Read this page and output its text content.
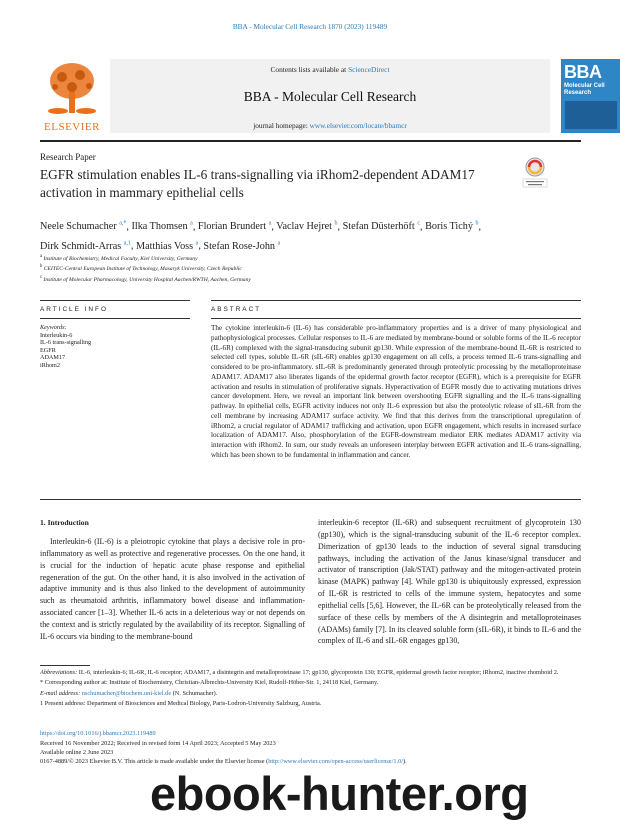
BBA - Molecular Cell Research 1870 (2023) 119489
ELSEVIER
Contents lists available at ScienceDirect
BBA - Molecular Cell Research
journal homepage: www.elsevier.com/locate/bbamcr
BBA
Molecular Cell Research
Research Paper
EGFR stimulation enables IL-6 trans-signalling via iRhom2-dependent ADAM17 activation in mammary epithelial cells
Neele Schumacher $^{a,*}$, Ilka Thomsen $^a$, Florian Brundert $^a$, Vaclav Hejret $^b$, Stefan Düsterhöft $^c$, Boris Tichý $^b$, Dirk Schmidt-Arras $^{a,1}$, Matthias Voss $^a$, Stefan Rose-John $^a$
$^a$ Institute of Biochemistry, Medical Faculty, Kiel University, Germany
$^b$ CEITEC-Central European Institute of Technology, Masaryk University, Czech Republic
$^c$ Institute of Molecular Pharmacology, University Hospital Aachen/RWTH, Aachen, Germany
ARTICLE INFO
Keywords:
Interleukin-6
IL-6 trans-signalling
EGFR
ADAM17
iRhom2
ABSTRACT
The cytokine interleukin-6 (IL-6) has considerable pro-inflammatory properties and is a driver of many physiological and pathophysiological processes. Cellular responses to IL-6 are mediated by membrane-bound or soluble forms of the IL-6 receptor (IL-6R) complexed with the signal-transducing subunit gp130. While expression of the membrane-bound IL-6R is restricted to selected cell types, soluble IL-6R (sIL-6R) enables gp130 engagement on all cells, a process termed IL-6 trans-signalling and considered to be pro-inflammatory. sIL-6R is predominantly generated through proteolytic processing by the metalloproteinase ADAM17. ADAM17 also liberates ligands of the epidermal growth factor receptor (EGFR), which is a prerequisite for EGFR activation and results in stimulation of proliferative signals. Hyperactivation of EGFR mostly due to activating mutations drives cancer development. Here, we reveal an important link between overshooting EGFR signalling and the IL-6 trans-signalling pathway. In epithelial cells, EGFR activity induces not only IL-6 expression but also the proteolytic release of sIL-6R from the cell membrane by increasing ADAM17 surface activity. We find that this derives from the transcriptional upregulation of iRhom2, a crucial regulator of ADAM17 trafficking and activation, upon EGFR engagement, which results in increased surface localization of ADAM17. Also, phosphorylation of the EGFR-downstream mediator ERK mediates ADAM17 activity via interaction with iRhom2. In sum, our study reveals an unforeseen interplay between EGFR activation and IL-6 trans-signalling, which has been shown to be fundamental in inflammation and cancer.
1. Introduction

Interleukin-6 (IL-6) is a pleiotropic cytokine that plays a decisive role in pro-inflammatory as well as protective and regenerative processes. On the one hand, it is crucial for the induction of hepatic acute phase response and epithelial regeneration of the gut. On the other hand, it is also involved in the activation of adaptive immunity and is thus also linked to the development of autoimmunity such as rheumatoid arthritis, inflammatory bowel disease and inflammation-associated cancer [1–3]. Whether IL-6 acts in a deleterious way or not depends on the context and is strictly regulated by the availability of its receptor. Signalling of IL-6 occurs via binding to the membrane-bound

interleukin-6 receptor (IL-6R) and subsequent recruitment of glycoprotein 130 (gp130), which is the signal-transducing subunit of the IL-6 receptor complex. Dimerization of gp130 leads to the induction of several signal transducing pathways, including the activation of the Janus kinase/signal transducer and activator of transcription (Jak/STAT) pathway and the mitogen-activated protein kinase (MAPK) pathway [4]. While gp130 is ubiquitously expressed, expression of IL-6R is restricted to cells of the immune system, hepatocytes and some epithelial cells [5,6]. However, the IL-6R can be proteolytically released from the surface of these cells by members of the A disintegrin and metalloproteinases (ADAMs) family [7]. In its cleaved soluble form (sIL-6R), it binds to IL-6 and the complex of IL-6 and sIL-6R engages gp130,

Abbreviations: IL-6, interleukin-6; IL-6R, IL-6 receptor; ADAM17, a disintegrin and metalloproteinase 17; gp130, glycoprotein 130; EGFR, epidermal growth factor receptor; iRhom2, inactive rhomboid 2.

* Corresponding author at: Institute of Biochemistry, Christian-Albrechts-University Kiel, Rudolf-Höber-Str. 1, 24118 Kiel, Germany.

E-mail address: nschumacher@biochem.uni-kiel.de (N. Schumacher).

1 Present address: Department of Biosciences and Medical Biology, Paris-Lodron-University Salzburg, Austria.

https://doi.org/10.1016/j.bbamcr.2023.119489
Received 16 November 2022; Received in revised form 14 April 2023; Accepted 5 May 2023
Available online 2 June 2023
0167-4889/© 2023 Elsevier B.V. This article is made available under the Elsevier license (http://www.elsevier.com/open-access/userlicense/1.0/).
ebook-hunter.org
